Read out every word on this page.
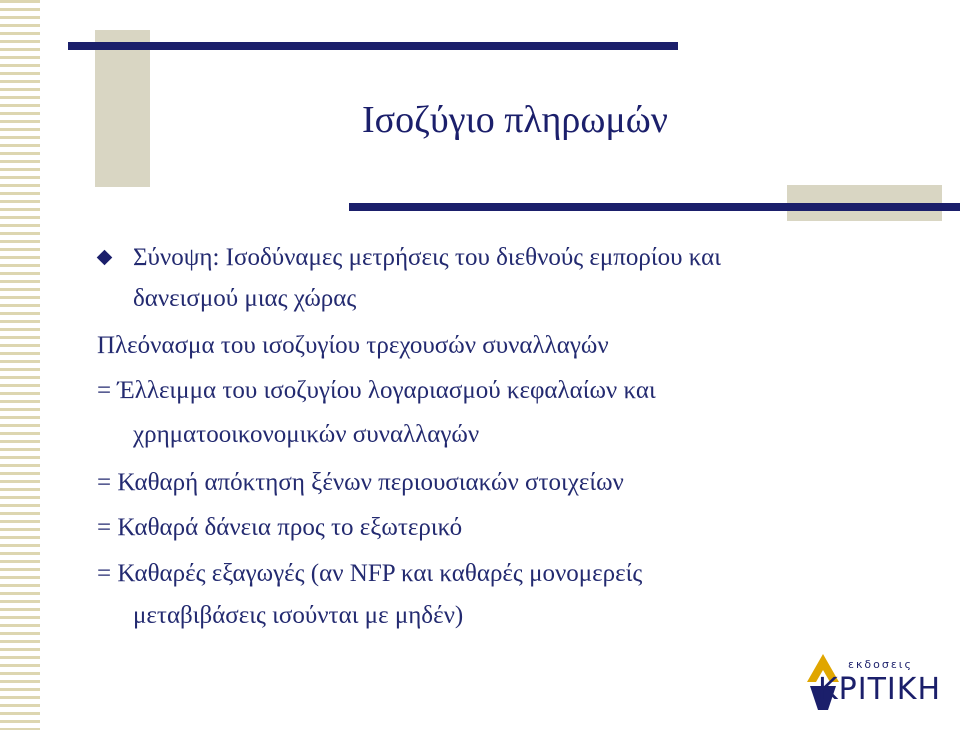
Ισοζύγιο πληρωμών

Σύνοψη: Ισοδύναμες μετρήσεις του διεθνούς εμπορίου και

δανεισμού μιας χώρας

Πλεόνασμα του ισοζυγίου τρεχουσών συναλλαγών

= Έλλειμμα του ισοζυγίου λογαριασμού κεφαλαίων και

χρηματοοικονομικών συναλλαγών

= Καθαρή απόκτηση ξένων περιουσιακών στοιχείων

= Καθαρά δάνεια προς το εξωτερικό

= Καθαρές εξαγωγές (αν NFP και καθαρές μονομερείς

μεταβιβάσεις ισούνται με μηδέν)

εκδοσεις
ΚΡΙΤΙΚΗ
